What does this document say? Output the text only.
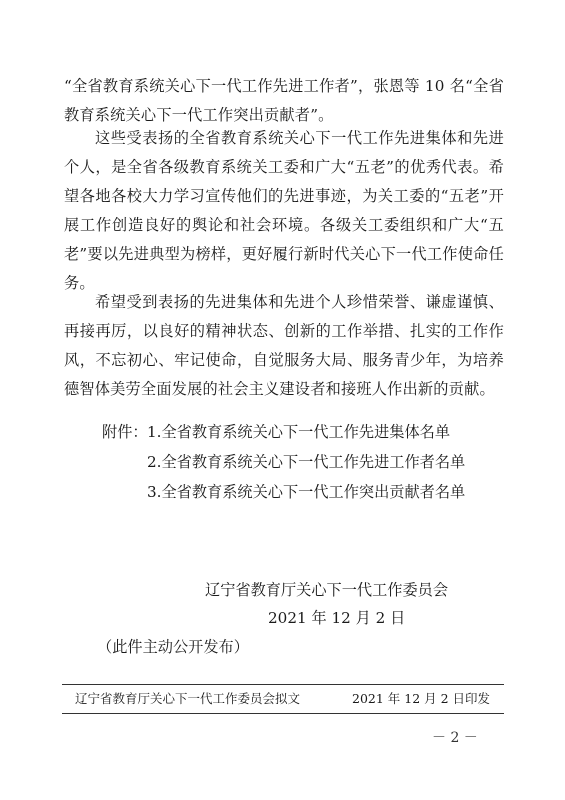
“全省教育系统关心下一代工作先进工作者”，张恩等 10 名“全省教育系统关心下一代工作突出贡献者”。

这些受表扬的全省教育系统关心下一代工作先进集体和先进个人，是全省各级教育系统关工委和广大“五老”的优秀代表。希望各地各校大力学习宣传他们的先进事迹，为关工委的“五老”开展工作创造良好的舆论和社会环境。各级关工委组织和广大“五老”要以先进典型为榜样，更好履行新时代关心下一代工作使命任务。

希望受到表扬的先进集体和先进个人珍惜荣誉、谦虚谨慎、再接再厉，以良好的精神状态、创新的工作举措、扎实的工作作风，不忘初心、牢记使命，自觉服务大局、服务青少年，为培养德智体美劳全面发展的社会主义建设者和接班人作出新的贡献。

附件： 1.全省教育系统关心下一代工作先进集体名单
2.全省教育系统关心下一代工作先进工作者名单
3.全省教育系统关心下一代工作突出贡献者名单
辽宁省教育厅关心下一代工作委员会
2021 年 12 月 2 日
（此件主动公开发布）
辽宁省教育厅关心下一代工作委员会拟文	2021 年 12 月 2 日印发
－ 2 －
